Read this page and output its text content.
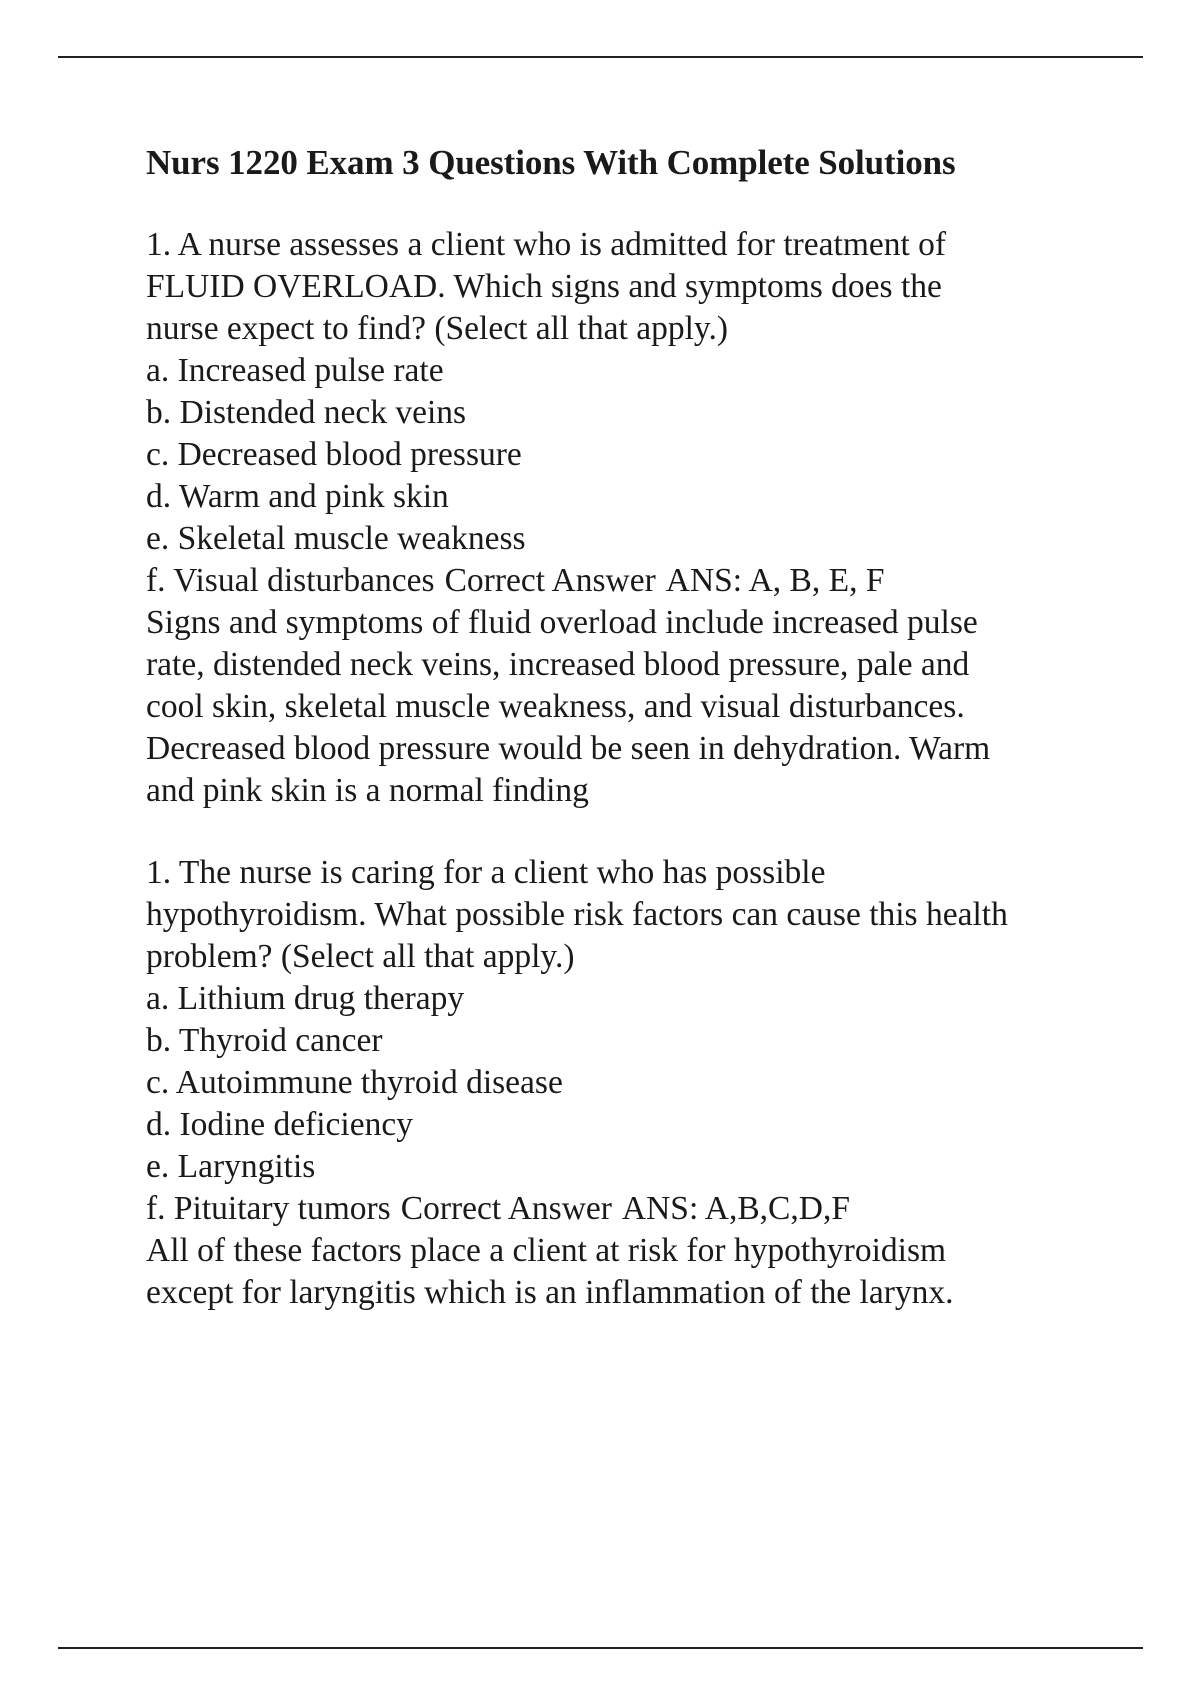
Nurs 1220 Exam 3 Questions With Complete Solutions
1. A nurse assesses a client who is admitted for treatment of
FLUID OVERLOAD. Which signs and symptoms does the
nurse expect to find? (Select all that apply.)
a. Increased pulse rate
b. Distended neck veins
c. Decreased blood pressure
d. Warm and pink skin
e. Skeletal muscle weakness
f. Visual disturbances Correct Answer ANS: A, B, E, F
Signs and symptoms of fluid overload include increased pulse
rate, distended neck veins, increased blood pressure, pale and
cool skin, skeletal muscle weakness, and visual disturbances.
Decreased blood pressure would be seen in dehydration. Warm
and pink skin is a normal finding
1. The nurse is caring for a client who has possible
hypothyroidism. What possible risk factors can cause this health
problem? (Select all that apply.)
a. Lithium drug therapy
b. Thyroid cancer
c. Autoimmune thyroid disease
d. Iodine deficiency
e. Laryngitis
f. Pituitary tumors Correct Answer ANS: A,B,C,D,F
All of these factors place a client at risk for hypothyroidism
except for laryngitis which is an inflammation of the larynx.
